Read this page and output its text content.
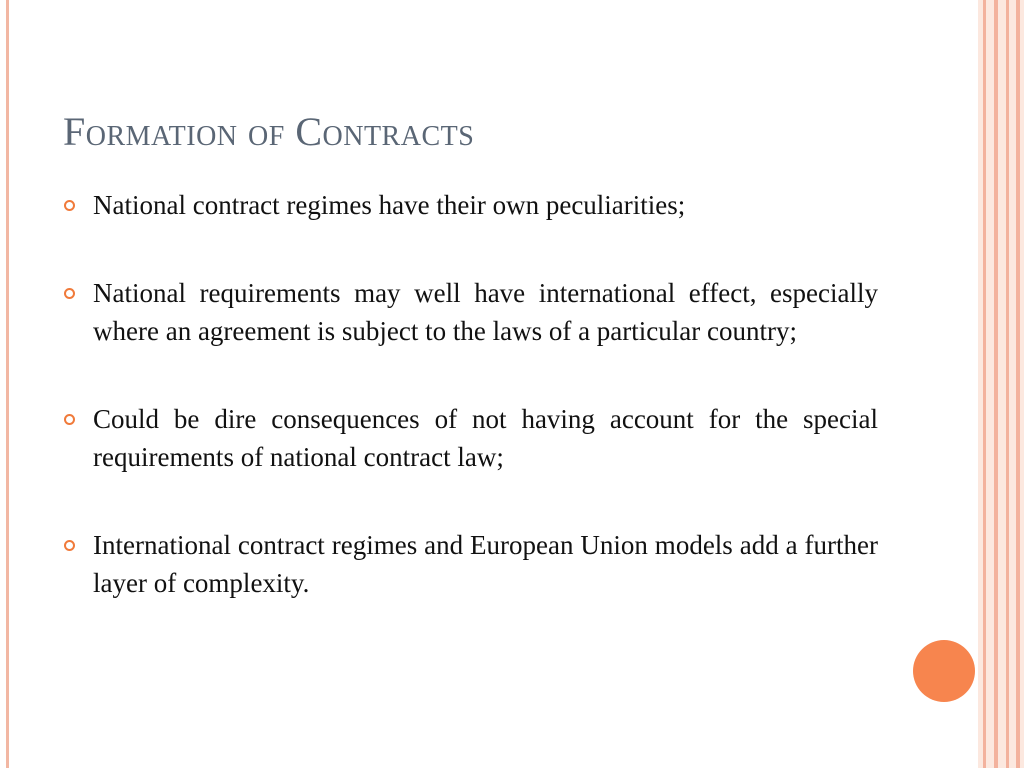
Formation of Contracts
National contract regimes have their own peculiarities;
National requirements may well have international effect, especially where an agreement is subject to the laws of a particular country;
Could be dire consequences of not having account for the special requirements of national contract law;
International contract regimes and European Union models add a further layer of complexity.
